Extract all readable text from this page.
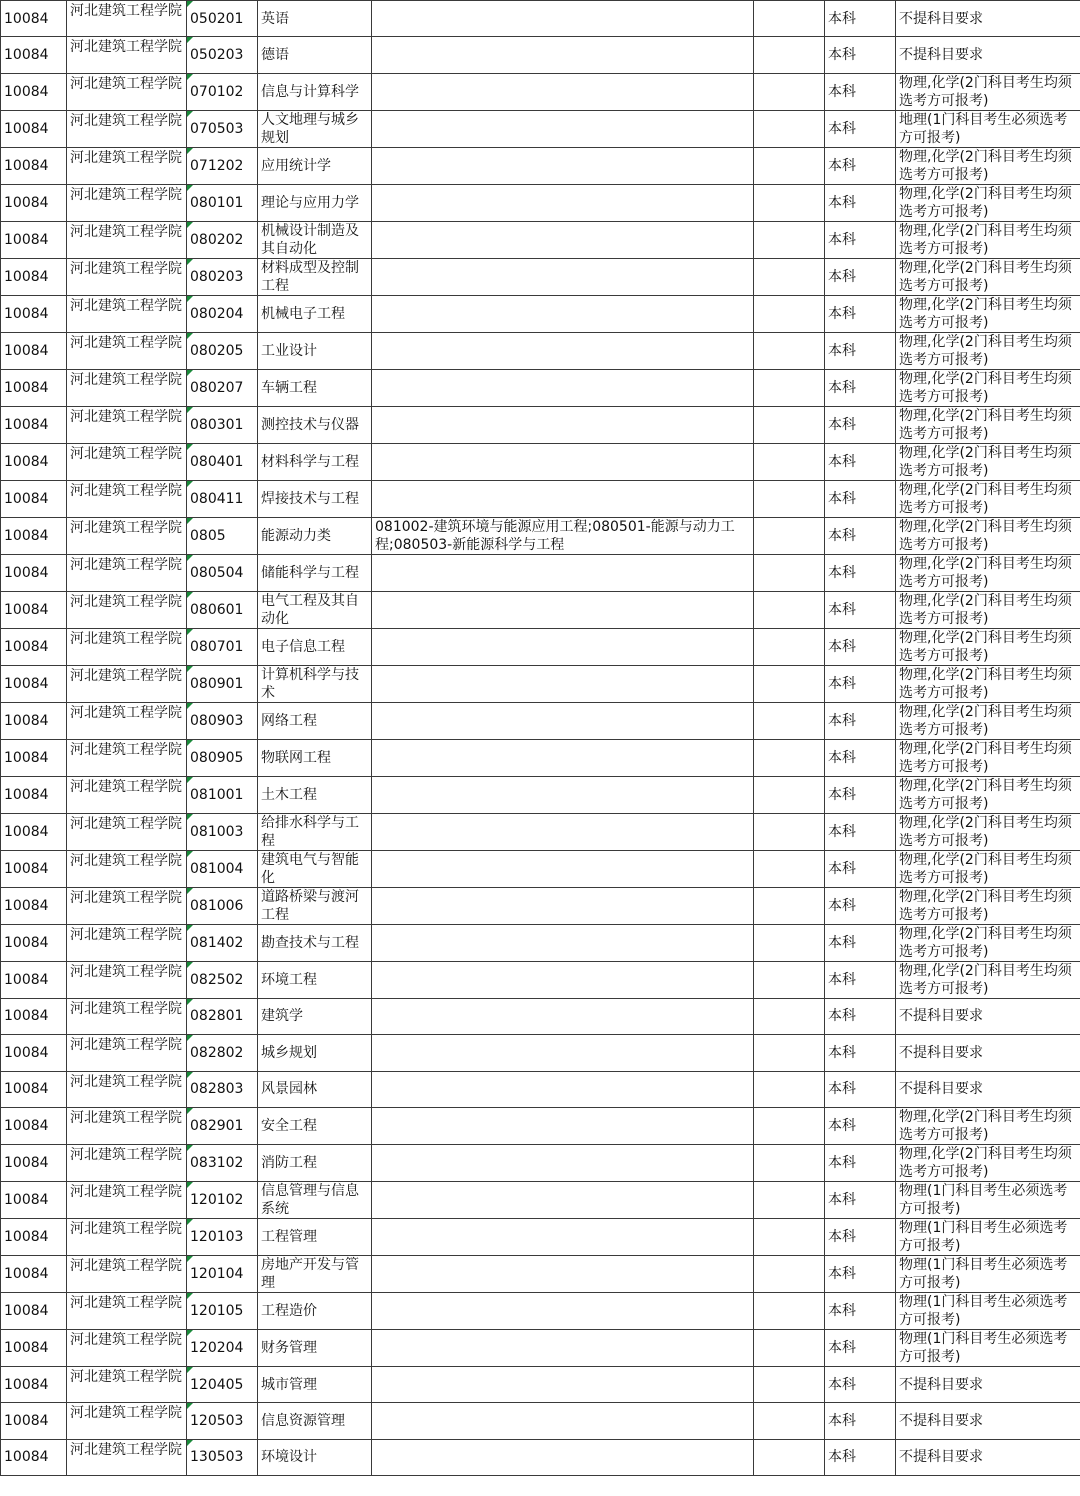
10084	河北建筑工程学院	050201	英语			本科	不提科目要求
10084	河北建筑工程学院	050203	德语			本科	不提科目要求
10084	河北建筑工程学院	070102	信息与计算科学			本科	物理,化学(2门科目考生均须选考方可报考)
10084	河北建筑工程学院	070503	人文地理与城乡规划			本科	地理(1门科目考生必须选考方可报考)
10084	河北建筑工程学院	071202	应用统计学			本科	物理,化学(2门科目考生均须选考方可报考)
10084	河北建筑工程学院	080101	理论与应用力学			本科	物理,化学(2门科目考生均须选考方可报考)
10084	河北建筑工程学院	080202	机械设计制造及其自动化			本科	物理,化学(2门科目考生均须选考方可报考)
10084	河北建筑工程学院	080203	材料成型及控制工程			本科	物理,化学(2门科目考生均须选考方可报考)
10084	河北建筑工程学院	080204	机械电子工程			本科	物理,化学(2门科目考生均须选考方可报考)
10084	河北建筑工程学院	080205	工业设计			本科	物理,化学(2门科目考生均须选考方可报考)
10084	河北建筑工程学院	080207	车辆工程			本科	物理,化学(2门科目考生均须选考方可报考)
10084	河北建筑工程学院	080301	测控技术与仪器			本科	物理,化学(2门科目考生均须选考方可报考)
10084	河北建筑工程学院	080401	材料科学与工程			本科	物理,化学(2门科目考生均须选考方可报考)
10084	河北建筑工程学院	080411	焊接技术与工程			本科	物理,化学(2门科目考生均须选考方可报考)
10084	河北建筑工程学院	0805	能源动力类	081002-建筑环境与能源应用工程;080501-能源与动力工程;080503-新能源科学与工程		本科	物理,化学(2门科目考生均须选考方可报考)
10084	河北建筑工程学院	080504	储能科学与工程			本科	物理,化学(2门科目考生均须选考方可报考)
10084	河北建筑工程学院	080601	电气工程及其自动化			本科	物理,化学(2门科目考生均须选考方可报考)
10084	河北建筑工程学院	080701	电子信息工程			本科	物理,化学(2门科目考生均须选考方可报考)
10084	河北建筑工程学院	080901	计算机科学与技术			本科	物理,化学(2门科目考生均须选考方可报考)
10084	河北建筑工程学院	080903	网络工程			本科	物理,化学(2门科目考生均须选考方可报考)
10084	河北建筑工程学院	080905	物联网工程			本科	物理,化学(2门科目考生均须选考方可报考)
10084	河北建筑工程学院	081001	土木工程			本科	物理,化学(2门科目考生均须选考方可报考)
10084	河北建筑工程学院	081003	给排水科学与工程			本科	物理,化学(2门科目考生均须选考方可报考)
10084	河北建筑工程学院	081004	建筑电气与智能化			本科	物理,化学(2门科目考生均须选考方可报考)
10084	河北建筑工程学院	081006	道路桥梁与渡河工程			本科	物理,化学(2门科目考生均须选考方可报考)
10084	河北建筑工程学院	081402	勘查技术与工程			本科	物理,化学(2门科目考生均须选考方可报考)
10084	河北建筑工程学院	082502	环境工程			本科	物理,化学(2门科目考生均须选考方可报考)
10084	河北建筑工程学院	082801	建筑学			本科	不提科目要求
10084	河北建筑工程学院	082802	城乡规划			本科	不提科目要求
10084	河北建筑工程学院	082803	风景园林			本科	不提科目要求
10084	河北建筑工程学院	082901	安全工程			本科	物理,化学(2门科目考生均须选考方可报考)
10084	河北建筑工程学院	083102	消防工程			本科	物理,化学(2门科目考生均须选考方可报考)
10084	河北建筑工程学院	120102	信息管理与信息系统			本科	物理(1门科目考生必须选考方可报考)
10084	河北建筑工程学院	120103	工程管理			本科	物理(1门科目考生必须选考方可报考)
10084	河北建筑工程学院	120104	房地产开发与管理			本科	物理(1门科目考生必须选考方可报考)
10084	河北建筑工程学院	120105	工程造价			本科	物理(1门科目考生必须选考方可报考)
10084	河北建筑工程学院	120204	财务管理			本科	物理(1门科目考生必须选考方可报考)
10084	河北建筑工程学院	120405	城市管理			本科	不提科目要求
10084	河北建筑工程学院	120503	信息资源管理			本科	不提科目要求
10084	河北建筑工程学院	130503	环境设计			本科	不提科目要求
